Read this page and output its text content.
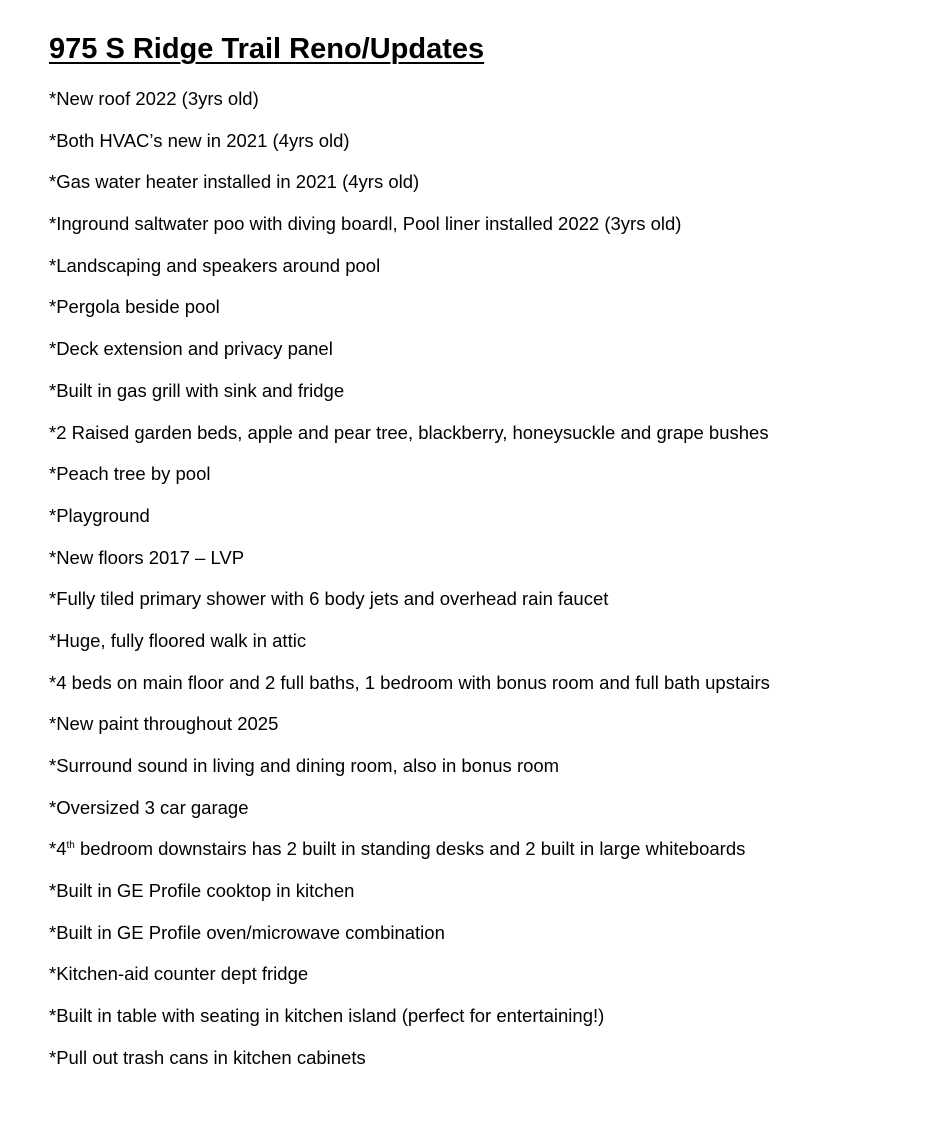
975 S Ridge Trail Reno/Updates
*New roof 2022 (3yrs old)
*Both HVAC’s new in 2021 (4yrs old)
*Gas water heater installed in 2021 (4yrs old)
*Inground saltwater poo with diving boardl, Pool liner installed 2022 (3yrs old)
*Landscaping and speakers around pool
*Pergola beside pool
*Deck extension and privacy panel
*Built in gas grill with sink and fridge
*2 Raised garden beds, apple and pear tree, blackberry, honeysuckle and grape bushes
*Peach tree by pool
*Playground
*New floors 2017 – LVP
*Fully tiled primary shower with 6 body jets and overhead rain faucet
*Huge, fully floored walk in attic
*4 beds on main floor and 2 full baths, 1 bedroom with bonus room and full bath upstairs
*New paint throughout 2025
*Surround sound in living and dining room, also in bonus room
*Oversized 3 car garage
*4th bedroom downstairs has 2 built in standing desks and 2 built in large whiteboards
*Built in GE Profile cooktop in kitchen
*Built in GE Profile oven/microwave combination
*Kitchen-aid counter dept fridge
*Built in table with seating in kitchen island (perfect for entertaining!)
*Pull out trash cans in kitchen cabinets
